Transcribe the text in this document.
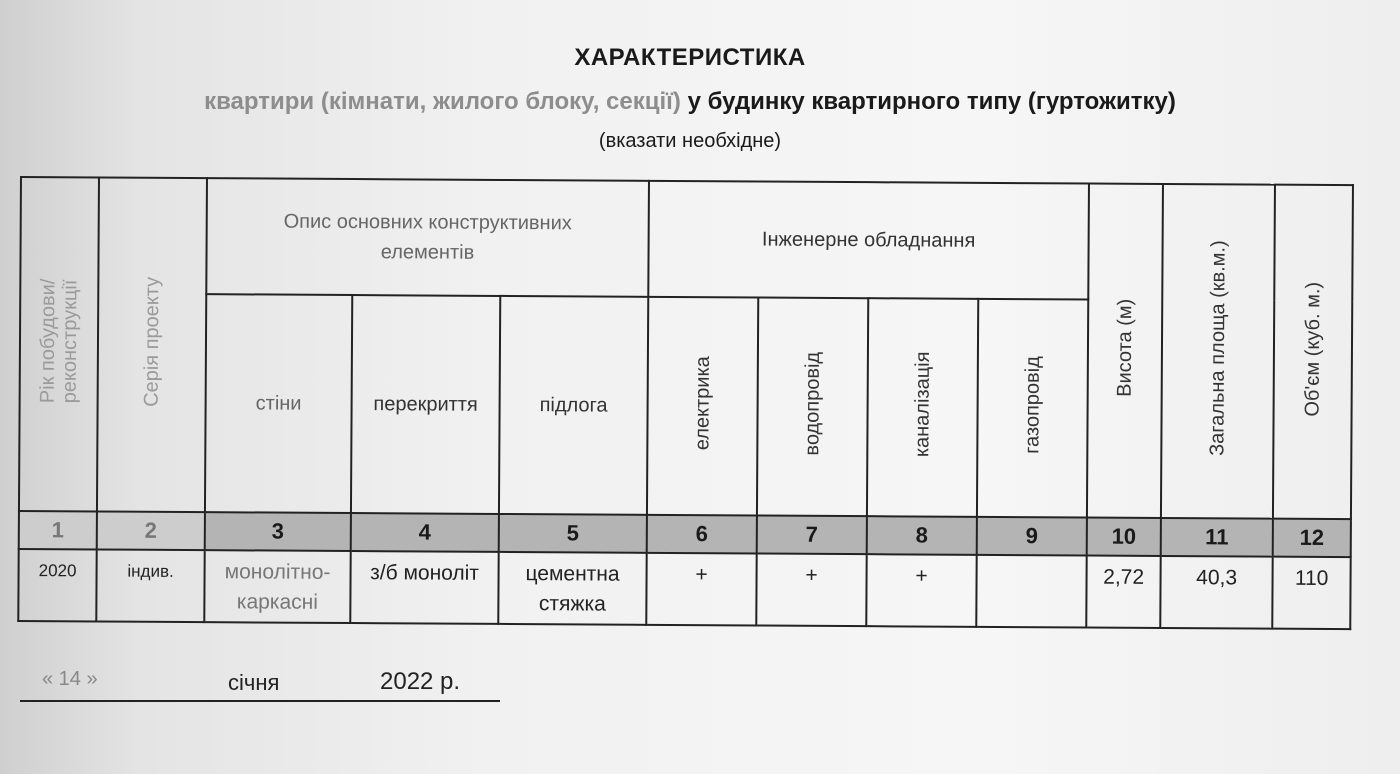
ХАРАКТЕРИСТИКА
квартири (кімнати, жилого блоку, секції) у будинку квартирного типу (гуртожитку)
(вказати необхідне)
Рік побудови/ реконструкції	Серія проекту	Опис основних конструктивних елементів			Інженерне обладнання				Висота (м)	Загальна площа (кв.м.)	Об'єм (куб. м.)
		стіни	перекриття	підлога	електрика	водопровід	каналізація	газопровід			
1	2	3	4	5	6	7	8	9	10	11	12
2020	індив.	монолітно-каркасні	з/б моноліт	цементна стяжка	+	+	+		2,72	40,3	110
« 14 »	січня	2022 р.
